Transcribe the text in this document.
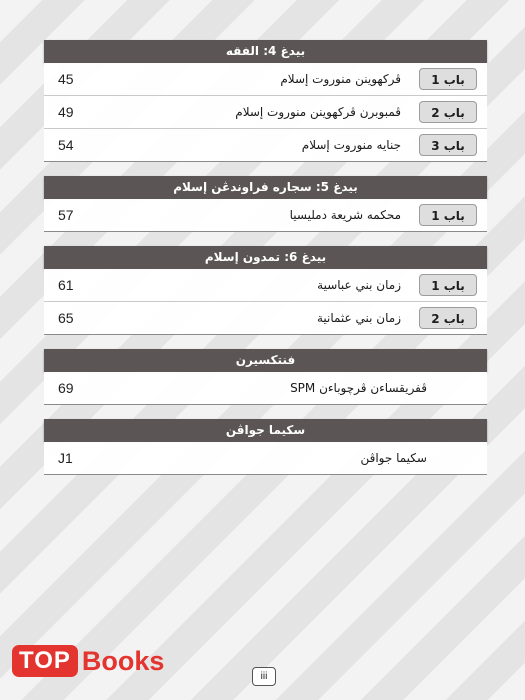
بيدغ 4: الفقه
45	ڤركهوينن منوروت إسلام	باب 1
49	ڤمبوبرن ڤركهوينن منوروت إسلام	باب 2
54	جنايه منوروت إسلام	باب 3
بيدغ 5: سجاره فراوندڠن إسلام
57	محكمه شريعة دمليسيا	باب 1
بيدغ 6: تمدون إسلام
61	زمان بني عباسية	باب 1
65	زمان بني عثمانية	باب 2
فنتكسيرن
69	ڤفريقساءن ڤرچوباءن SPM
سكيما جواڤن
J1	سكيما جواڤن
TOP Books
iii
